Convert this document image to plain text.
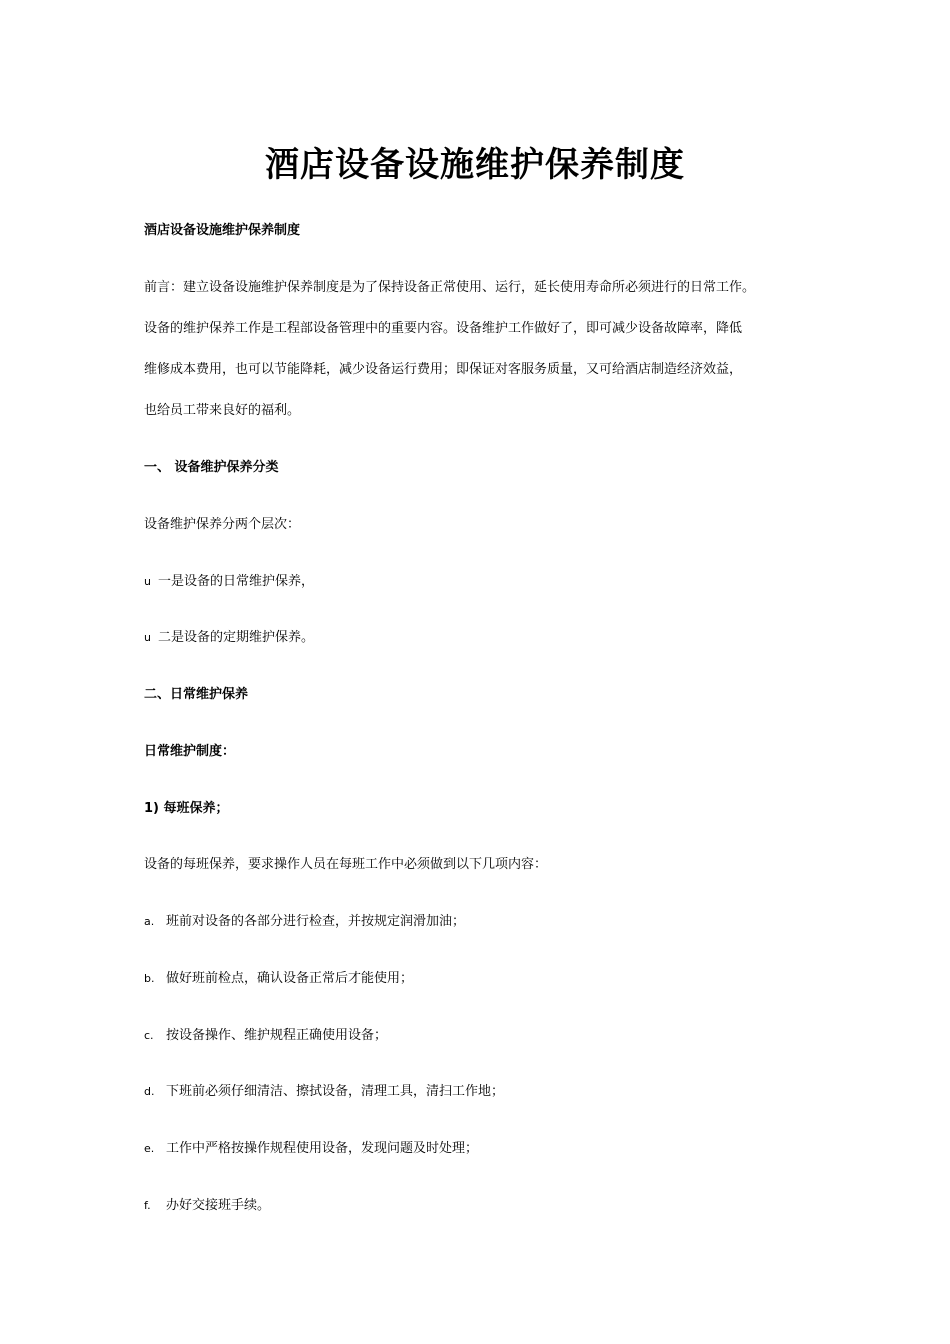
酒店设备设施维护保养制度

酒店设备设施维护保养制度

前言：建立设备设施维护保养制度是为了保持设备正常使用、运行，延长使用寿命所必须进行的日常工作。

设备的维护保养工作是工程部设备管理中的重要内容。设备维护工作做好了，即可减少设备故障率，降低

维修成本费用，也可以节能降耗，减少设备运行费用；即保证对客服务质量，又可给酒店制造经济效益，

也给员工带来良好的福利。

一、 设备维护保养分类

设备维护保养分两个层次：

u 一是设备的日常维护保养，

u 二是设备的定期维护保养。

二、日常维护保养

日常维护制度：

1) 每班保养；

设备的每班保养，要求操作人员在每班工作中必须做到以下几项内容：

a. 班前对设备的各部分进行检查，并按规定润滑加油；

b. 做好班前检点，确认设备正常后才能使用；

c. 按设备操作、维护规程正确使用设备；

d. 下班前必须仔细清洁、擦拭设备，清理工具，清扫工作地；

e. 工作中严格按操作规程使用设备，发现问题及时处理；

f. 办好交接班手续。
